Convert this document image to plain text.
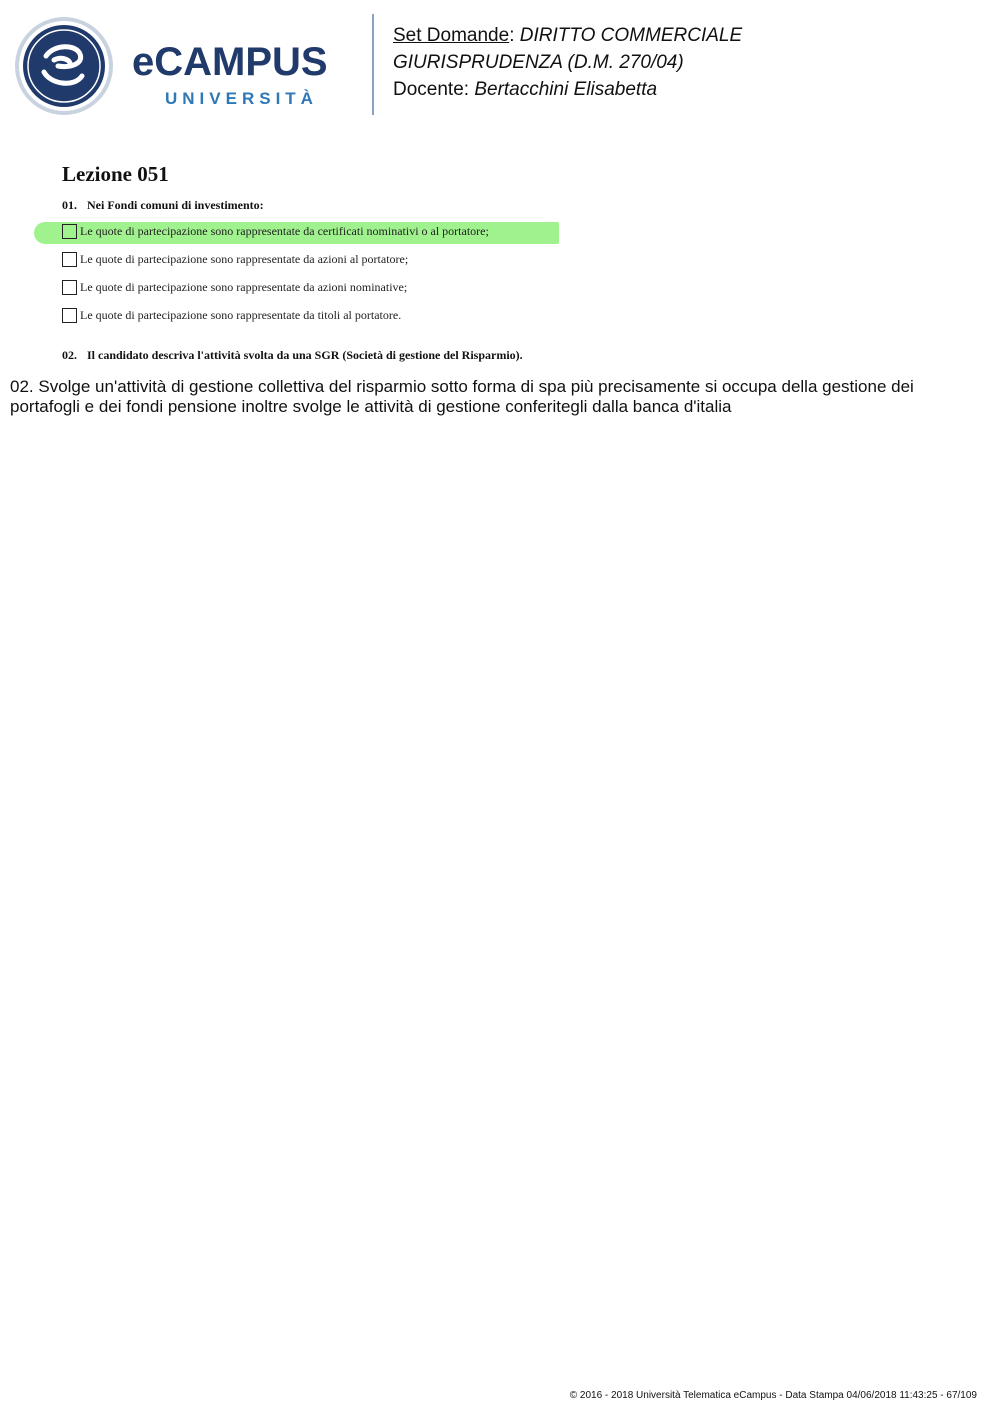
eCAMPUS
UNIVERSITÀ
Set Domande: DIRITTO COMMERCIALE
GIURISPRUDENZA (D.M. 270/04)
Docente: Bertacchini Elisabetta
Lezione 051
01. Nei Fondi comuni di investimento:
Le quote di partecipazione sono rappresentate da certificati nominativi o al portatore;
Le quote di partecipazione sono rappresentate da azioni al portatore;
Le quote di partecipazione sono rappresentate da azioni nominative;
Le quote di partecipazione sono rappresentate da titoli al portatore.
02. Il candidato descriva l'attività svolta da una SGR (Società di gestione del Risparmio).
02. Svolge un'attività di gestione collettiva del risparmio sotto forma di spa più precisamente si occupa della gestione dei portafogli e dei fondi pensione inoltre svolge le attività di gestione conferitegli dalla banca d'italia
© 2016 - 2018 Università Telematica eCampus - Data Stampa 04/06/2018 11:43:25 - 67/109
